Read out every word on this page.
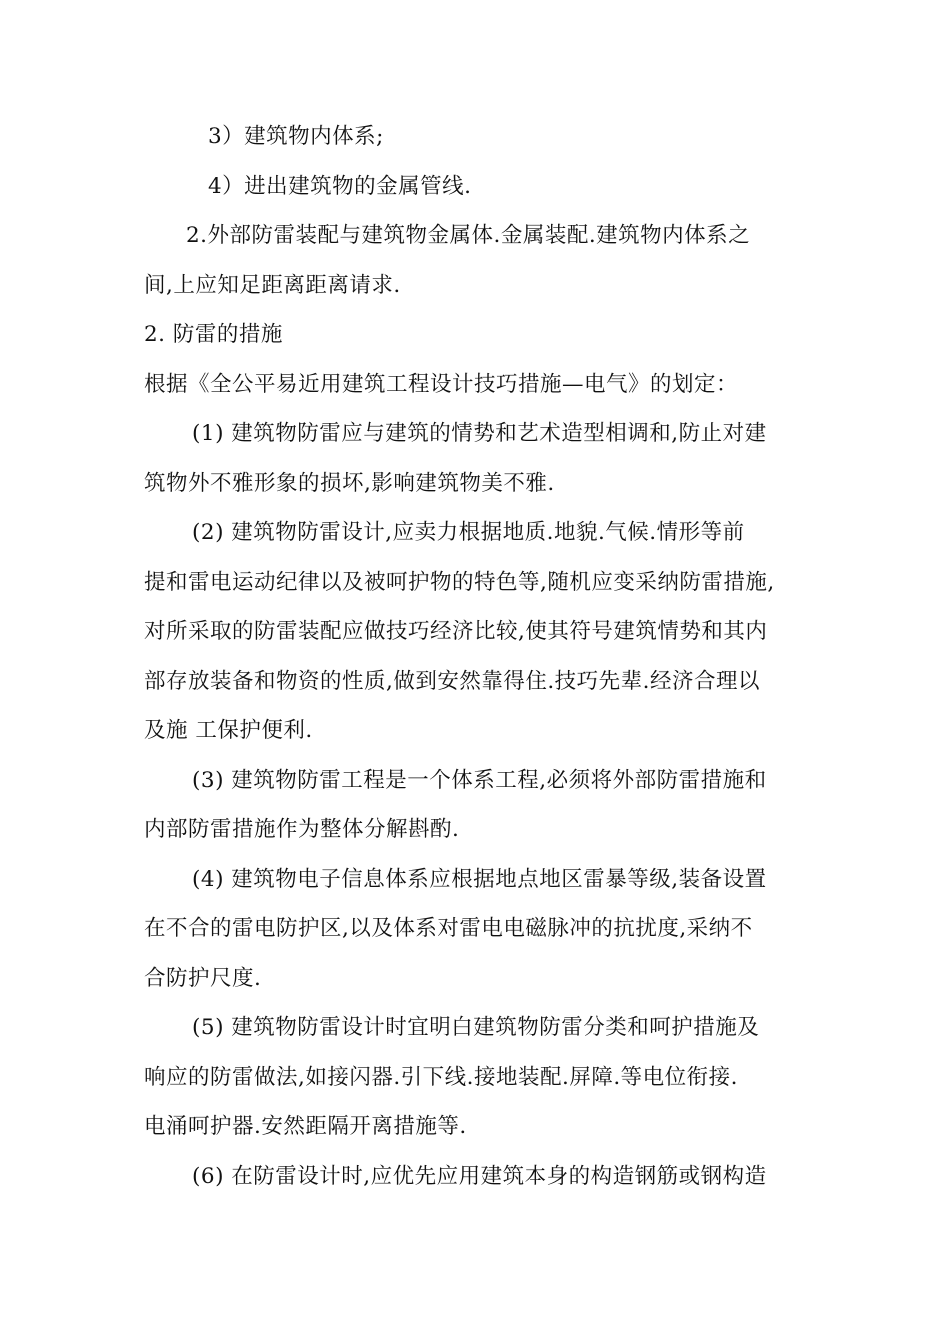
3）建筑物内体系;
4）进出建筑物的金属管线.
2.外部防雷装配与建筑物金属体.金属装配.建筑物内体系之
间,上应知足距离距离请求.
2. 防雷的措施
根据《全公平易近用建筑工程设计技巧措施—电气》的划定：
(1) 建筑物防雷应与建筑的情势和艺术造型相调和,防止对建
筑物外不雅形象的损坏,影响建筑物美不雅.
(2) 建筑物防雷设计,应卖力根据地质.地貌.气候.情形等前
提和雷电运动纪律以及被呵护物的特色等,随机应变采纳防雷措施,
对所采取的防雷装配应做技巧经济比较,使其符号建筑情势和其内
部存放装备和物资的性质,做到安然靠得住.技巧先辈.经济合理以
及施 工保护便利.
(3) 建筑物防雷工程是一个体系工程,必须将外部防雷措施和
内部防雷措施作为整体分解斟酌.
(4) 建筑物电子信息体系应根据地点地区雷暴等级,装备设置
在不合的雷电防护区,以及体系对雷电电磁脉冲的抗扰度,采纳不
合防护尺度.
(5) 建筑物防雷设计时宜明白建筑物防雷分类和呵护措施及
响应的防雷做法,如接闪器.引下线.接地装配.屏障.等电位衔接.
电涌呵护器.安然距隔开离措施等.
(6) 在防雷设计时,应优先应用建筑本身的构造钢筋或钢构造
